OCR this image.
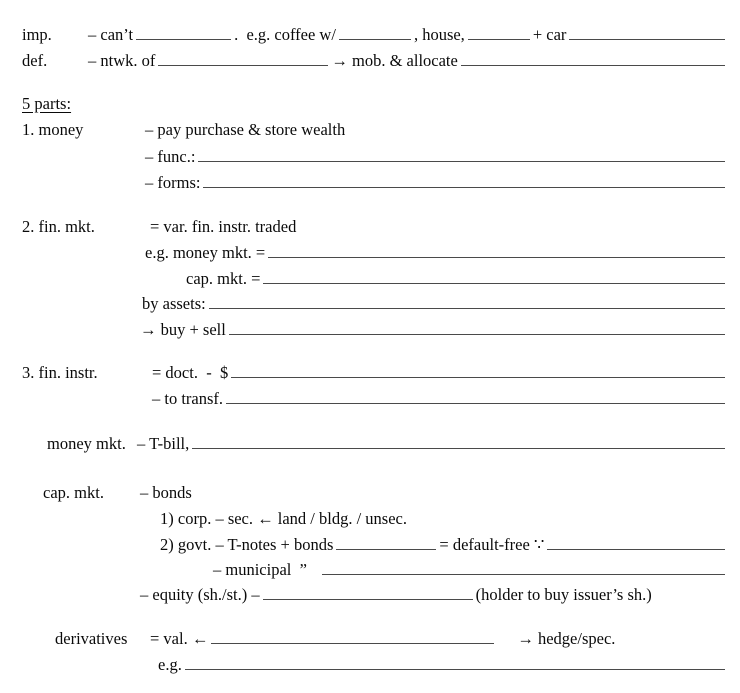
imp. – can’t	.  e.g. coffee w/	, house,	+ car
def. – ntwk. of	→ mob. & allocate
5 parts:
1. money	– pay purchase & store wealth
– func.:
– forms:
2. fin. mkt.	= var. fin. instr. traded
e.g. money mkt. =
cap. mkt. =
by assets:
→ buy + sell
3. fin. instr.	= doct.  -  $
– to transf.
money mkt. – T-bill,
cap. mkt. – bonds
1) corp. – sec. ← land / bldg. / unsec.
2) govt. – T-notes + bonds	= default-free ∵
– municipal  ”
– equity (sh./st.) –	(holder to buy issuer’s sh.)
derivatives = val. ←	→ hedge/spec.
e.g.
